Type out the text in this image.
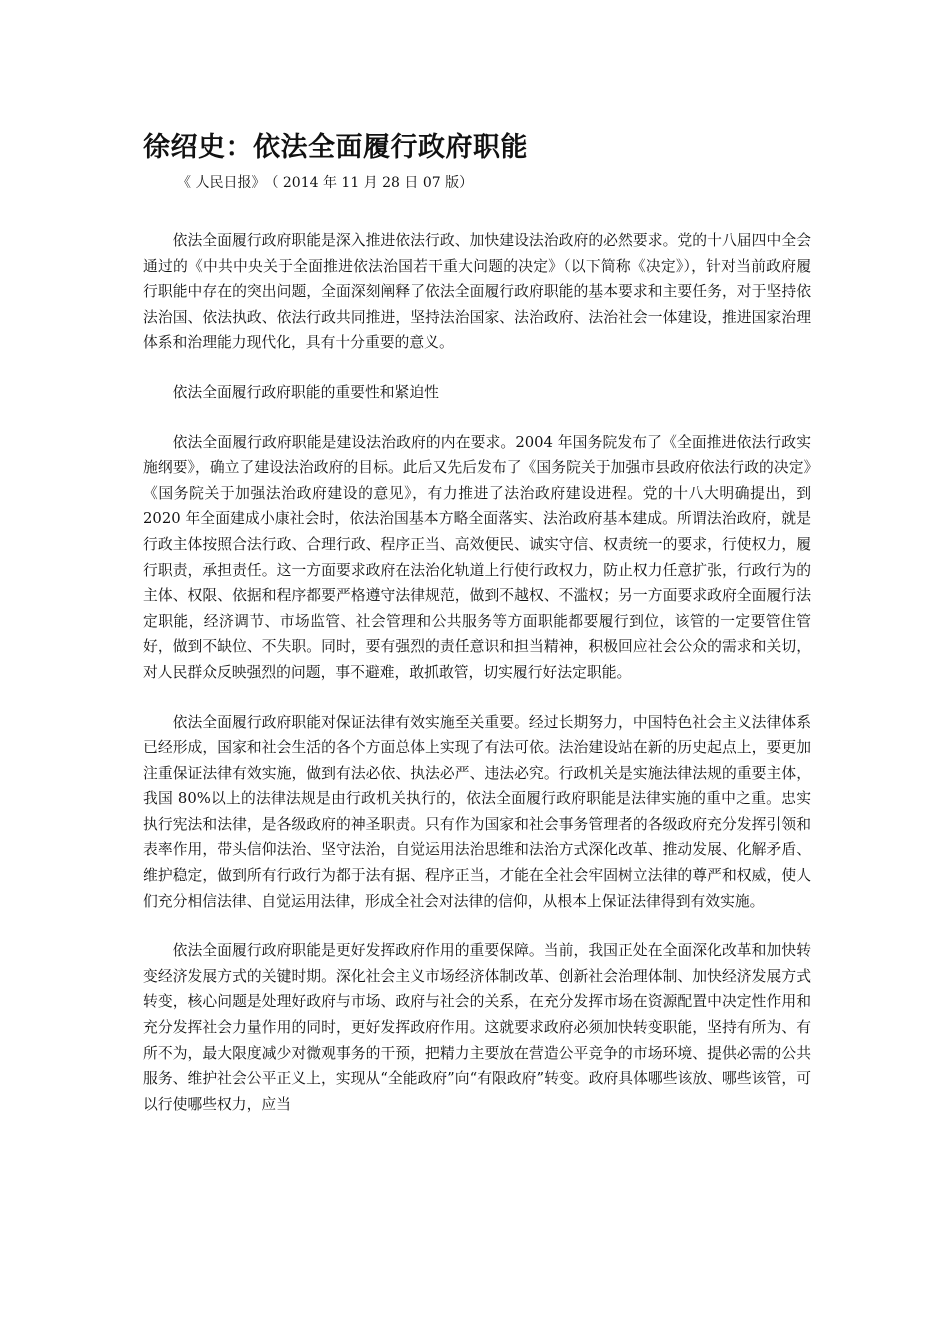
徐绍史：依法全面履行政府职能

《 人民日报》 （ 2014 年 11 月 28 日 07 版）

依法全面履行政府职能是深入推进依法行政、加快建设法治政府的必然要求。党的十八届四中全会通过的《中共中央关于全面推进依法治国若干重大问题的决定》（以下简称《决定》），针对当前政府履行职能中存在的突出问题，全面深刻阐释了依法全面履行政府职能的基本要求和主要任务，对于坚持依法治国、依法执政、依法行政共同推进，坚持法治国家、法治政府、法治社会一体建设，推进国家治理体系和治理能力现代化，具有十分重要的意义。

依法全面履行政府职能的重要性和紧迫性

依法全面履行政府职能是建设法治政府的内在要求。2004 年国务院发布了《全面推进依法行政实施纲要》，确立了建设法治政府的目标。此后又先后发布了《国务院关于加强市县政府依法行政的决定》《国务院关于加强法治政府建设的意见》，有力推进了法治政府建设进程。党的十八大明确提出，到 2020 年全面建成小康社会时，依法治国基本方略全面落实、法治政府基本建成。所谓法治政府，就是行政主体按照合法行政、合理行政、程序正当、高效便民、诚实守信、权责统一的要求，行使权力，履行职责，承担责任。这一方面要求政府在法治化轨道上行使行政权力，防止权力任意扩张，行政行为的主体、权限、依据和程序都要严格遵守法律规范，做到不越权、不滥权；另一方面要求政府全面履行法定职能，经济调节、市场监管、社会管理和公共服务等方面职能都要履行到位，该管的一定要管住管好，做到不缺位、不失职。同时，要有强烈的责任意识和担当精神，积极回应社会公众的需求和关切，对人民群众反映强烈的问题，事不避难，敢抓敢管，切实履行好法定职能。

依法全面履行政府职能对保证法律有效实施至关重要。经过长期努力，中国特色社会主义法律体系已经形成，国家和社会生活的各个方面总体上实现了有法可依。法治建设站在新的历史起点上，要更加注重保证法律有效实施，做到有法必依、执法必严、违法必究。行政机关是实施法律法规的重要主体，我国 80%以上的法律法规是由行政机关执行的，依法全面履行政府职能是法律实施的重中之重。忠实执行宪法和法律，是各级政府的神圣职责。只有作为国家和社会事务管理者的各级政府充分发挥引领和表率作用，带头信仰法治、坚守法治，自觉运用法治思维和法治方式深化改革、推动发展、化解矛盾、维护稳定，做到所有行政行为都于法有据、程序正当，才能在全社会牢固树立法律的尊严和权威，使人们充分相信法律、自觉运用法律，形成全社会对法律的信仰，从根本上保证法律得到有效实施。

依法全面履行政府职能是更好发挥政府作用的重要保障。当前，我国正处在全面深化改革和加快转变经济发展方式的关键时期。深化社会主义市场经济体制改革、创新社会治理体制、加快经济发展方式转变，核心问题是处理好政府与市场、政府与社会的关系，在充分发挥市场在资源配置中决定性作用和充分发挥社会力量作用的同时，更好发挥政府作用。这就要求政府必须加快转变职能，坚持有所为、有所不为，最大限度减少对微观事务的干预，把精力主要放在营造公平竞争的市场环境、提供必需的公共服务、维护社会公平正义上，实现从“全能政府”向“有限政府”转变。政府具体哪些该放、哪些该管，可以行使哪些权力，应当
